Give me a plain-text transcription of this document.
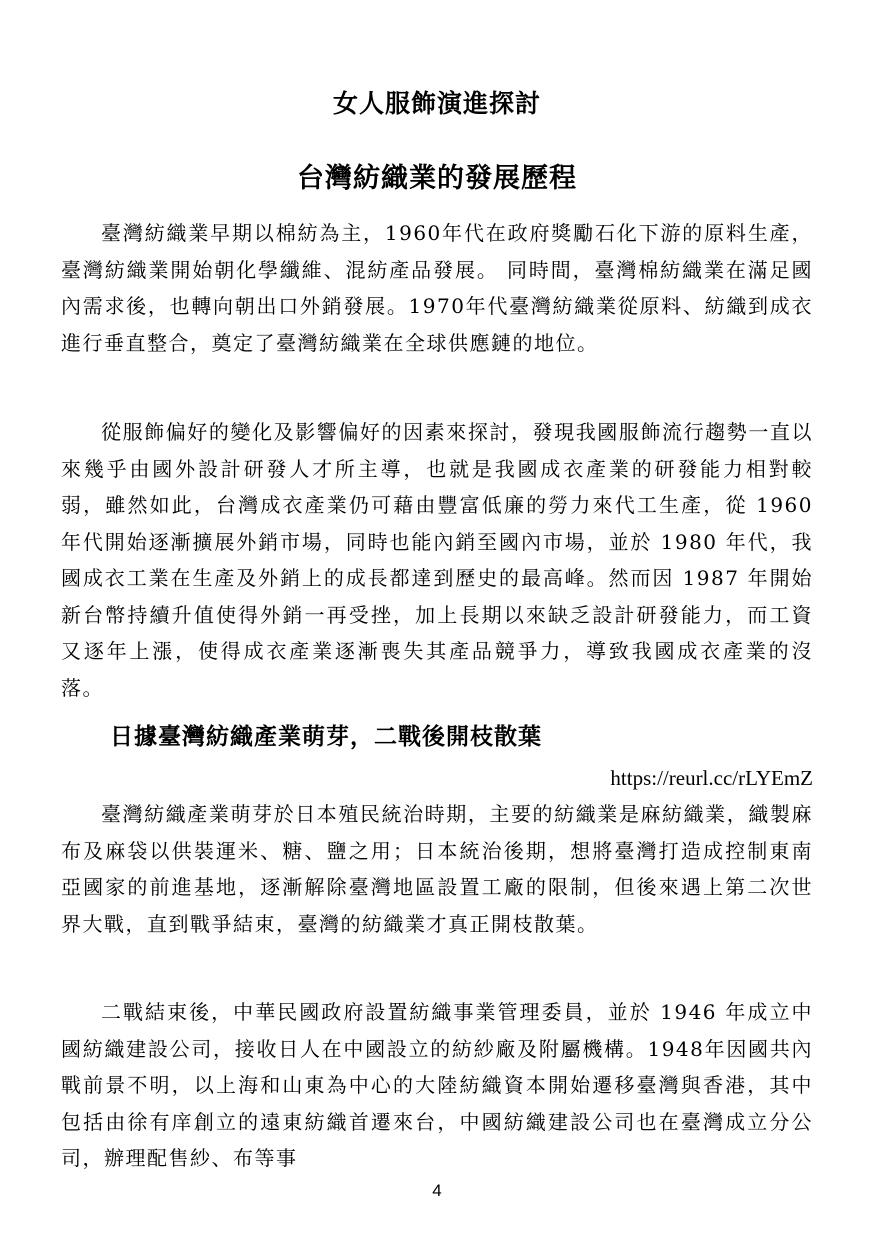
女人服飾演進探討
台灣紡織業的發展歷程

臺灣紡織業早期以棉紡為主，1960年代在政府獎勵石化下游的原料生產，臺灣紡織業開始朝化學纖維、混紡產品發展。 同時間，臺灣棉紡織業在滿足國內需求後，也轉向朝出口外銷發展。1970年代臺灣紡織業從原料、紡織到成衣進行垂直整合，奠定了臺灣紡織業在全球供應鏈的地位。

從服飾偏好的變化及影響偏好的因素來探討，發現我國服飾流行趨勢一直以來幾乎由國外設計研發人才所主導，也就是我國成衣產業的研發能力相對較弱，雖然如此，台灣成衣產業仍可藉由豐富低廉的勞力來代工生產，從 1960 年代開始逐漸擴展外銷市場，同時也能內銷至國內市場，並於 1980 年代，我國成衣工業在生產及外銷上的成長都達到歷史的最高峰。然而因 1987 年開始新台幣持續升值使得外銷一再受挫，加上長期以來缺乏設計研發能力，而工資又逐年上漲，使得成衣產業逐漸喪失其產品競爭力，導致我國成衣產業的沒落。

日據臺灣紡織產業萌芽，二戰後開枝散葉
https://reurl.cc/rLYEmZ

臺灣紡織產業萌芽於日本殖民統治時期，主要的紡織業是麻紡織業，織製麻布及麻袋以供裝運米、糖、鹽之用；日本統治後期，想將臺灣打造成控制東南亞國家的前進基地，逐漸解除臺灣地區設置工廠的限制，但後來遇上第二次世界大戰，直到戰爭結束，臺灣的紡織業才真正開枝散葉。

二戰結束後，中華民國政府設置紡織事業管理委員，並於 1946 年成立中國紡織建設公司，接收日人在中國設立的紡紗廠及附屬機構。1948年因國共內戰前景不明，以上海和山東為中心的大陸紡織資本開始遷移臺灣與香港，其中包括由徐有庠創立的遠東紡織首遷來台，中國紡織建設公司也在臺灣成立分公司，辦理配售紗、布等事

4
